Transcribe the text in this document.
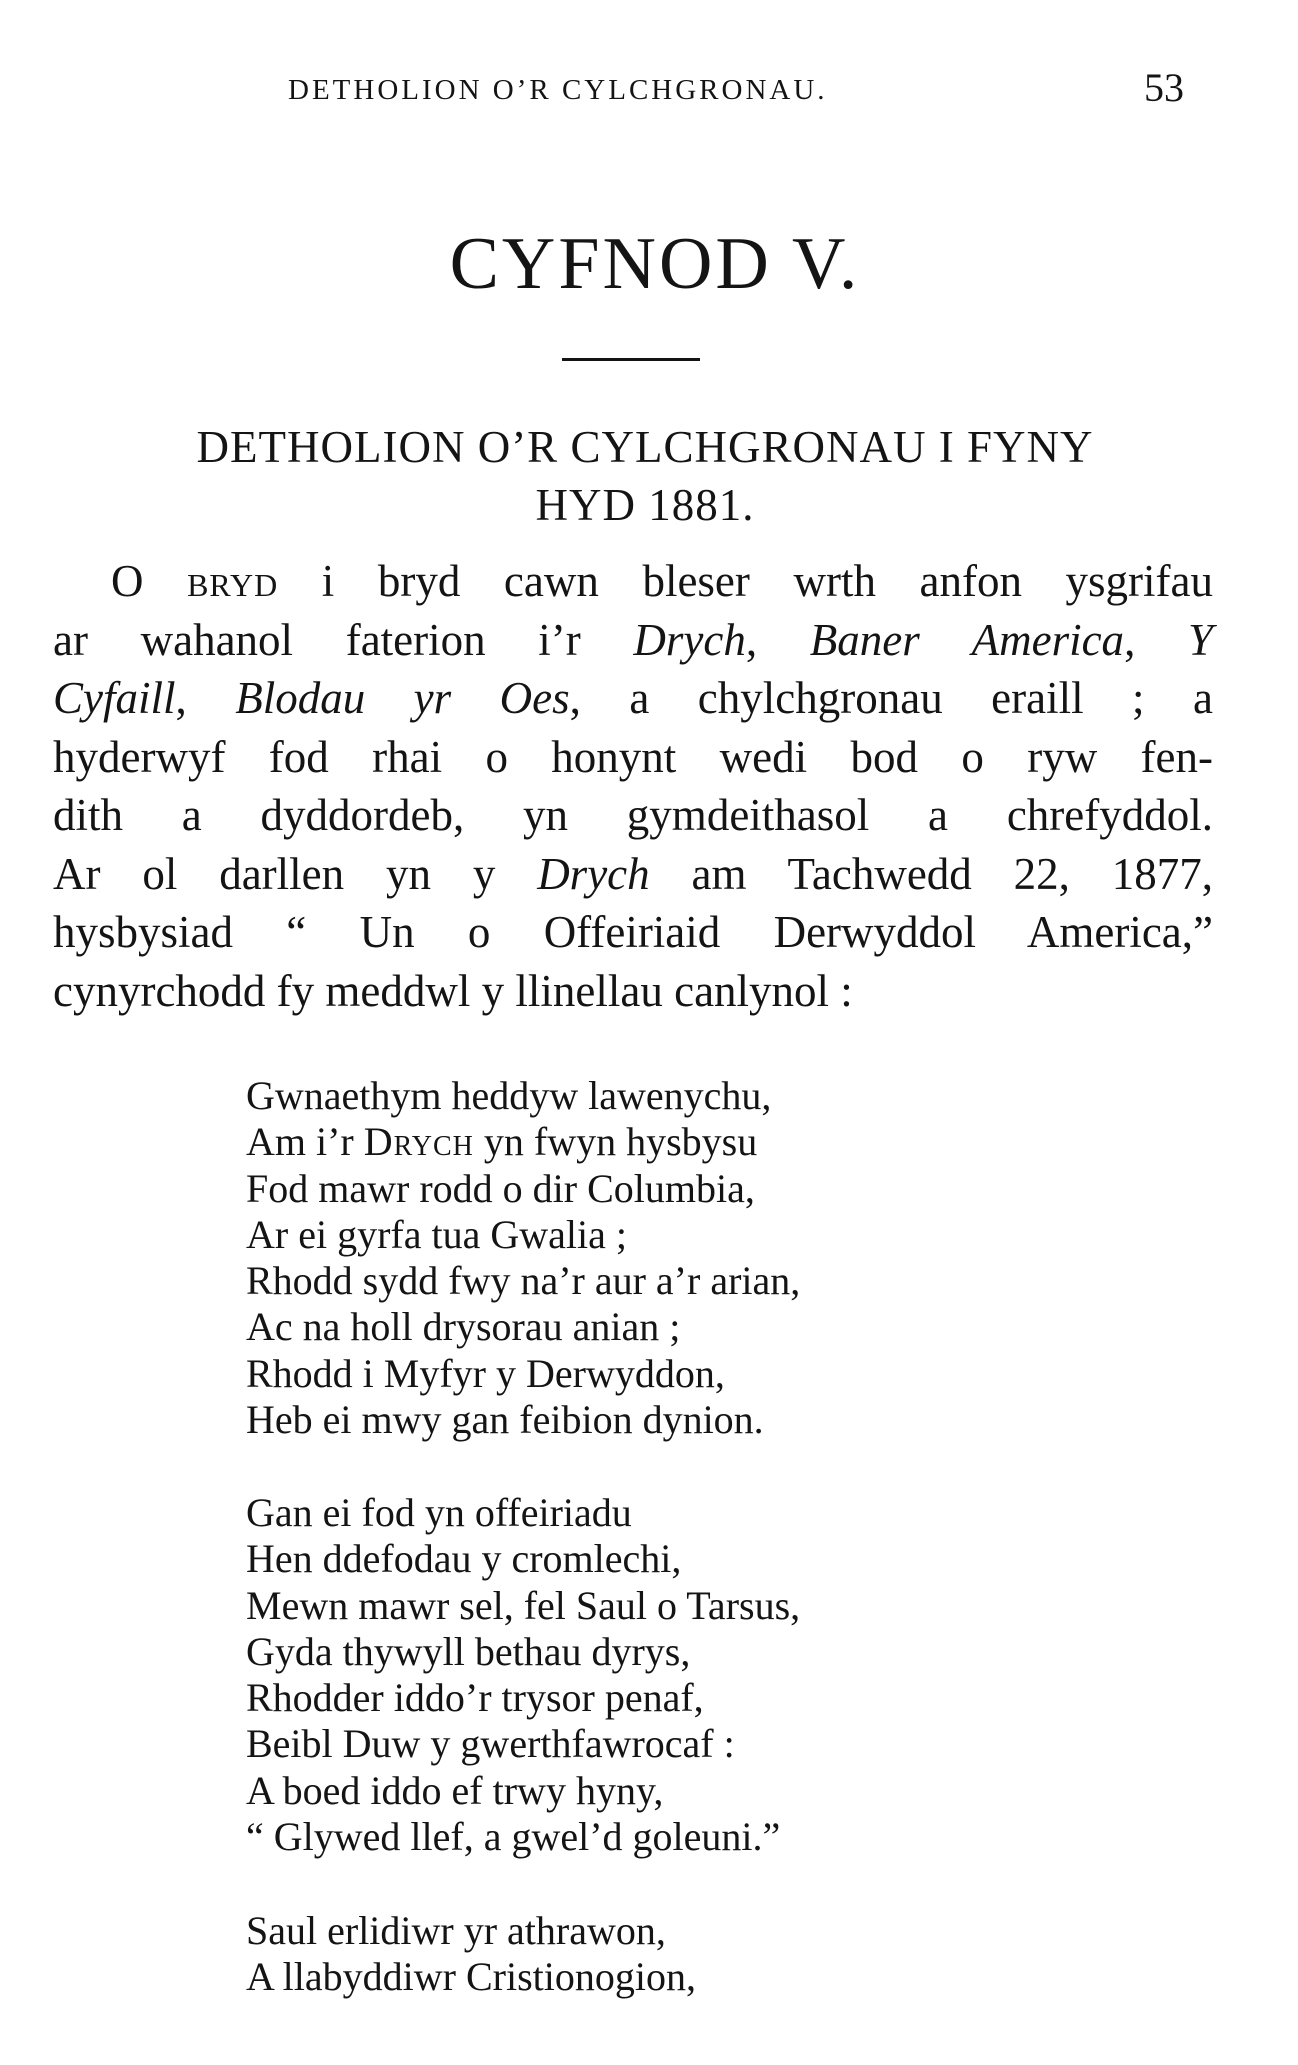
DETHOLION O’R CYLCHGRONAU.	53
CYFNOD V.
DETHOLION O’R CYLCHGRONAU I FYNY
HYD 1881.
O bryd i bryd cawn bleser wrth anfon ysgrifau
ar wahanol faterion i’r Drych, Baner America, Y
Cyfaill, Blodau yr Oes, a chylchgronau eraill ; a
hyderwyf fod rhai o honynt wedi bod o ryw fen-
dith a dyddordeb, yn gymdeithasol a chrefyddol.
Ar ol darllen yn y Drych am Tachwedd 22, 1877,
hysbysiad “ Un o Offeiriaid Derwyddol America,”
cynyrchodd fy meddwl y llinellau canlynol :
Gwnaethym heddyw lawenychu,
Am i’r Drych yn fwyn hysbysu
Fod mawr rodd o dir Columbia,
Ar ei gyrfa tua Gwalia ;
Rhodd sydd fwy na’r aur a’r arian,
Ac na holl drysorau anian ;
Rhodd i Myfyr y Derwyddon,
Heb ei mwy gan feibion dynion.
Gan ei fod yn offeiriadu
Hen ddefodau y cromlechi,
Mewn mawr sel, fel Saul o Tarsus,
Gyda thywyll bethau dyrys,
Rhodder iddo’r trysor penaf,
Beibl Duw y gwerthfawrocaf :
A boed iddo ef trwy hyny,
“ Glywed llef, a gwel’d goleuni.”
Saul erlidiwr yr athrawon,
A llabyddiwr Cristionogion,
